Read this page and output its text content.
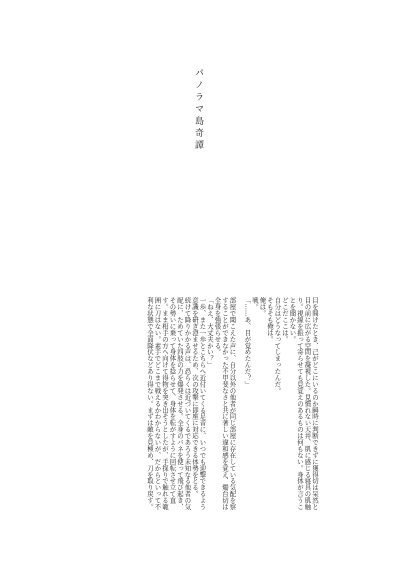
パノラマ島奇譚

目を開けたとき、己がどこにいるのか瞬時に判断できずに獲得切は呆然と目の前に広がる空間を凝視した。見慣れない天井、肌に感じる寝具の肌触り。視線を振って寄らせても見覚えのあるものは何もない。身体が言うことを聞かない。

どこだここは。

自分はどうなってしまったんだ。

そもそも俺は。

俺は。

戦。

「……あ、目が覚めたんだ？」

部屋で聞こえた声に、自分以外の他者が同じ部屋に存在している気配を察することができなかった不甲斐なさと共に著しい違和感を覚え、燭台切は全身を強張らせる。

「ねえ、大丈夫かい？」

一歩、また一歩とこちらへ近付いてくる足音に、いつでも迎撃できるよう意識を研ぎ澄ませるため、次の攻撃に即座に対応できる体勢をとる。

続けて降りかかる声は、恐らくは近づいてくるであろう未知なる他者の気配に、ためていた四肢の力を爆発させる。全身のバネを使って飛び起き、その勢いに乗って身体を捻らせて、身体を転がすように回転させ立て直す。まま相手の方へ向けて得物を突き出そうとしたが、手探りで触れる範囲に刀はない。素手でどこまで戦えるかわからないが、だからといって不利な状態で全面降伏などあり得ない。まずは敵を見極め、刀を取り戻す。
